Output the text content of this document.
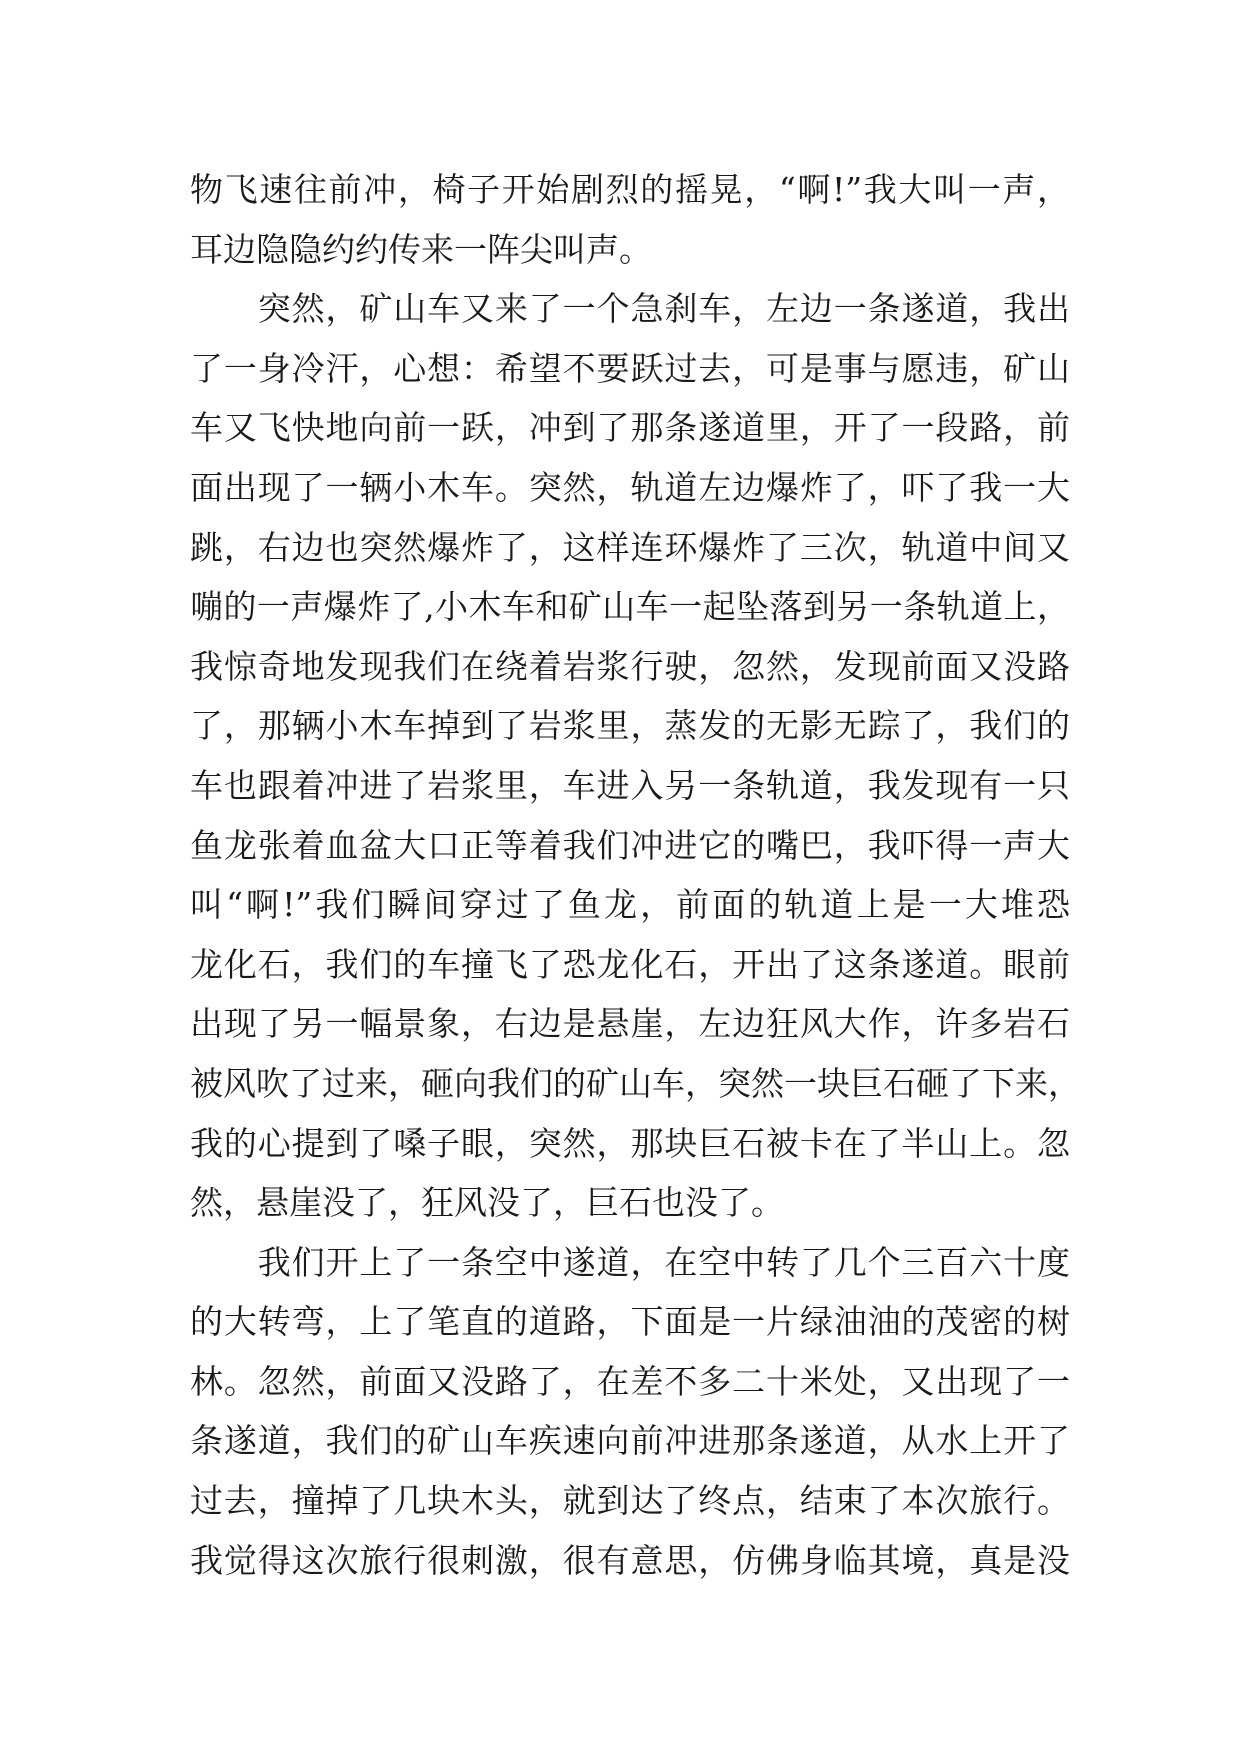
物飞速往前冲，椅子开始剧烈的摇晃，“啊!”我大叫一声，
耳边隐隐约约传来一阵尖叫声。
　　突然，矿山车又来了一个急刹车，左边一条遂道，我出
了一身冷汗，心想：希望不要跃过去，可是事与愿违，矿山
车又飞快地向前一跃，冲到了那条遂道里，开了一段路，前
面出现了一辆小木车。突然，轨道左边爆炸了，吓了我一大
跳，右边也突然爆炸了，这样连环爆炸了三次，轨道中间又
嘣的一声爆炸了,小木车和矿山车一起坠落到另一条轨道上，
我惊奇地发现我们在绕着岩浆行驶，忽然，发现前面又没路
了，那辆小木车掉到了岩浆里，蒸发的无影无踪了，我们的
车也跟着冲进了岩浆里，车进入另一条轨道，我发现有一只
鱼龙张着血盆大口正等着我们冲进它的嘴巴，我吓得一声大
叫“啊!”我们瞬间穿过了鱼龙，前面的轨道上是一大堆恐
龙化石，我们的车撞飞了恐龙化石，开出了这条遂道。眼前
出现了另一幅景象，右边是悬崖，左边狂风大作，许多岩石
被风吹了过来，砸向我们的矿山车，突然一块巨石砸了下来，
我的心提到了嗓子眼，突然，那块巨石被卡在了半山上。忽
然，悬崖没了，狂风没了，巨石也没了。
　　我们开上了一条空中遂道，在空中转了几个三百六十度
的大转弯，上了笔直的道路，下面是一片绿油油的茂密的树
林。忽然，前面又没路了，在差不多二十米处，又出现了一
条遂道，我们的矿山车疾速向前冲进那条遂道，从水上开了
过去，撞掉了几块木头，就到达了终点，结束了本次旅行。
我觉得这次旅行很刺激，很有意思，仿佛身临其境，真是没
